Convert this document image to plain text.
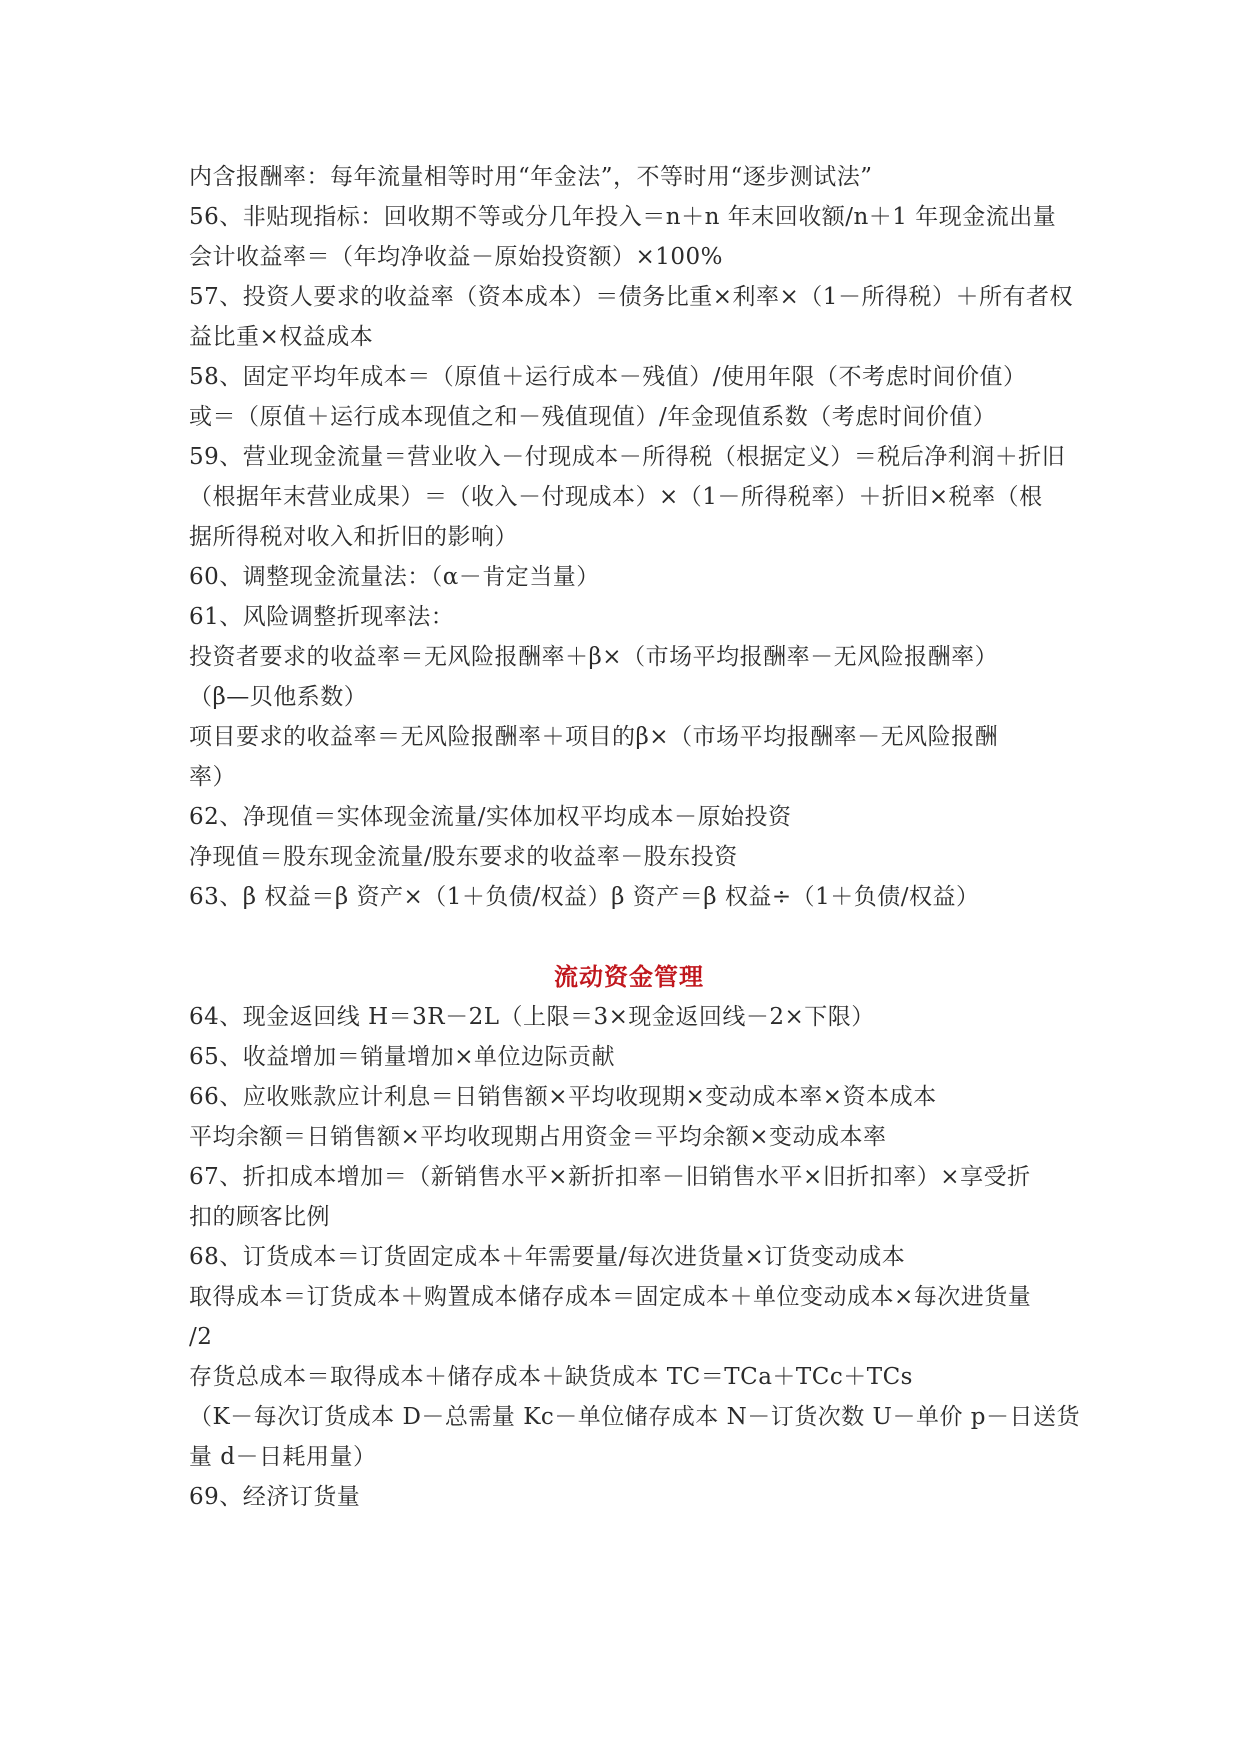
内含报酬率：每年流量相等时用“年金法”，不等时用“逐步测试法”
56、非贴现指标：回收期不等或分几年投入＝n＋n 年末回收额/n＋1 年现金流出量
会计收益率＝（年均净收益－原始投资额）×100%
57、投资人要求的收益率（资本成本）＝债务比重×利率×（1－所得税）＋所有者权
益比重×权益成本
58、固定平均年成本＝（原值＋运行成本－残值）/使用年限（不考虑时间价值）
或＝（原值＋运行成本现值之和－残值现值）/年金现值系数（考虑时间价值）
59、营业现金流量＝营业收入－付现成本－所得税（根据定义）＝税后净利润＋折旧
（根据年末营业成果）＝（收入－付现成本）×（1－所得税率）＋折旧×税率（根
据所得税对收入和折旧的影响）
60、调整现金流量法：（α－肯定当量）
61、风险调整折现率法：
投资者要求的收益率＝无风险报酬率＋β×（市场平均报酬率－无风险报酬率）
（β—贝他系数）
项目要求的收益率＝无风险报酬率＋项目的β×（市场平均报酬率－无风险报酬
率）
62、净现值＝实体现金流量/实体加权平均成本－原始投资
净现值＝股东现金流量/股东要求的收益率－股东投资
63、β 权益＝β 资产×（1＋负债/权益）β 资产＝β 权益÷（1＋负债/权益）
流动资金管理
64、现金返回线 H＝3R－2L（上限＝3×现金返回线－2×下限）
65、收益增加＝销量增加×单位边际贡献
66、应收账款应计利息＝日销售额×平均收现期×变动成本率×资本成本
平均余额＝日销售额×平均收现期占用资金＝平均余额×变动成本率
67、折扣成本增加＝（新销售水平×新折扣率－旧销售水平×旧折扣率）×享受折
扣的顾客比例
68、订货成本＝订货固定成本＋年需要量/每次进货量×订货变动成本
取得成本＝订货成本＋购置成本储存成本＝固定成本＋单位变动成本×每次进货量
/2
存货总成本＝取得成本＋储存成本＋缺货成本 TC＝TCa＋TCc＋TCs
（K－每次订货成本 D－总需量 Kc－单位储存成本 N－订货次数 U－单价 p－日送货
量 d－日耗用量）
69、经济订货量
